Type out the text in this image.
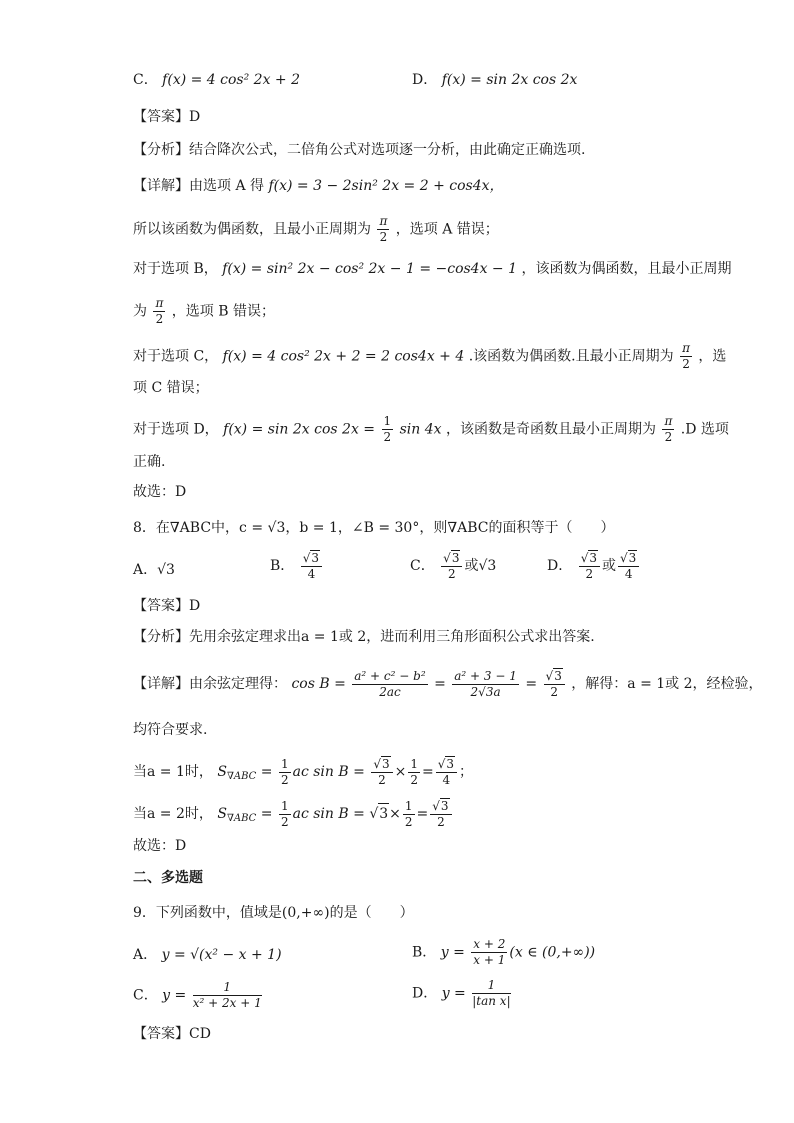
C． f(x) = 4 cos² 2x + 2	D． f(x) = sin 2x cos 2x
【答案】D
【分析】结合降次公式，二倍角公式对选项逐一分析，由此确定正确选项.
【详解】由选项 A 得 f(x) = 3 − 2sin² 2x = 2 + cos4x，
所以该函数为偶函数，且最小正周期为 $\frac{\pi}{2}$ ，选项 A 错误；
对于选项 B， f(x) = sin² 2x − cos² 2x − 1 = −cos4x − 1 ，该函数为偶函数，且最小正周期
为 $\frac{\pi}{2}$ ，选项 B 错误；
对于选项 C， f(x) = 4 cos² 2x + 2 = 2 cos4x + 4 .该函数为偶函数.且最小正周期为 $\frac{\pi}{2}$ ，选
项 C 错误；
对于选项 D， f(x) = sin 2x $\cos 2x = \frac{1}{2}$ sin 4x ，该函数是奇函数且最小正周期为 $\frac{\pi}{2} .D$ 选项
正确.
故选：D
8．在∇ABC中，c = √3，b = 1，∠B = 30°，则∇ABC的面积等于（　　）
A．√3	B． $\frac{√3}{4}$	C． $\frac{√3}{2}$ 或√3	D． $\frac{√3}{2}$ 或 $\frac{√3}{4}$
【答案】D
【分析】先用余弦定理求出a = 1或 2，进而利用三角形面积公式求出答案.
【详解】由余弦定理得： $\cos B = \frac{\text{a² + c² − b²}}{2ac} = \frac{\text{a² + 3 − 1}}{2√3a} = \frac{√3}{2}$ ，解得：a = 1或 2，经检验，
均符合要求.
当a = 1时， $S_{\nabla ABC} = \frac{1}{2}$ ac $\sin B = \frac{√3}{2} \times \frac{1}{2} = \frac{√3}{4}$ ；
当a = 2时， $S_{\nabla ABC} = \frac{1}{2}$ ac $\sin B = √3\times \frac{1}{2} = \frac{√3}{2}$
故选：D
二、多选题
9．下列函数中，值域是(0,+∞)的是（　　）
A． y = √(x² − x + 1)	B． $y = \frac{x + 2}{x + 1} (x$ ∈ (0,+∞))
C． $y = \frac{1}{\text{x² + 2x + 1}}$	D． $y = \frac{1}{\text{|tan x|}}$
【答案】CD
